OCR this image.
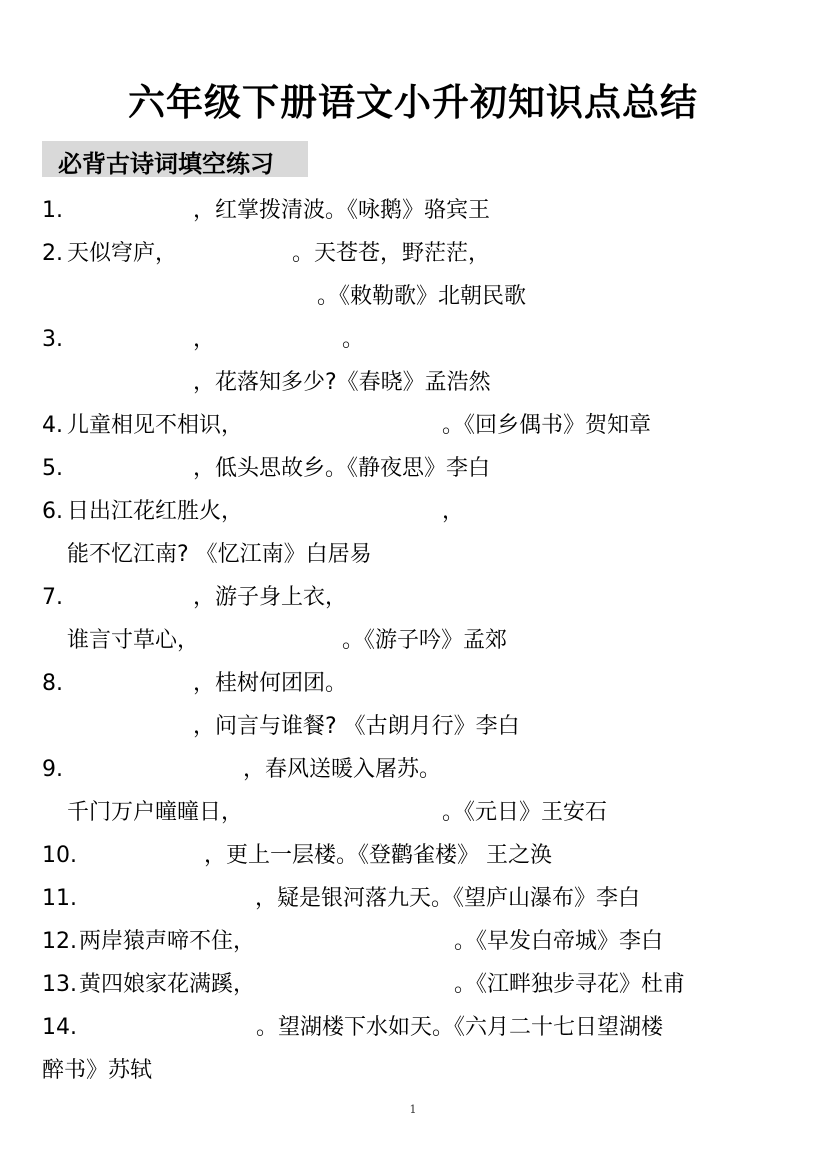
六年级下册语文小升初知识点总结
必背古诗词填空练习
1.	，红掌拨清波。《咏鹅》骆宾王
2. 天似穹庐，	。天苍苍，野茫茫，
。《敕勒歌》北朝民歌
3.	，	。
，花落知多少?《春晓》孟浩然
4. 儿童相见不相识，	。《回乡偶书》贺知章
5.	，低头思故乡。《静夜思》李白
6. 日出江花红胜火，	，
能不忆江南? 《忆江南》白居易
7.	，游子身上衣，
谁言寸草心，	。《游子吟》孟郊
8.	，桂树何团团。
，问言与谁餐? 《古朗月行》李白
9.	，春风送暖入屠苏。
千门万户曈曈日，	。《元日》王安石
10.	，更上一层楼。《登鹳雀楼》 王之涣
11.	，疑是银河落九天。《望庐山瀑布》李白
12. 两岸猿声啼不住，	。《早发白帝城》李白
13. 黄四娘家花满蹊，	。《江畔独步寻花》杜甫
14.	。望湖楼下水如天。《六月二十七日望湖楼
醉书》苏轼
1
